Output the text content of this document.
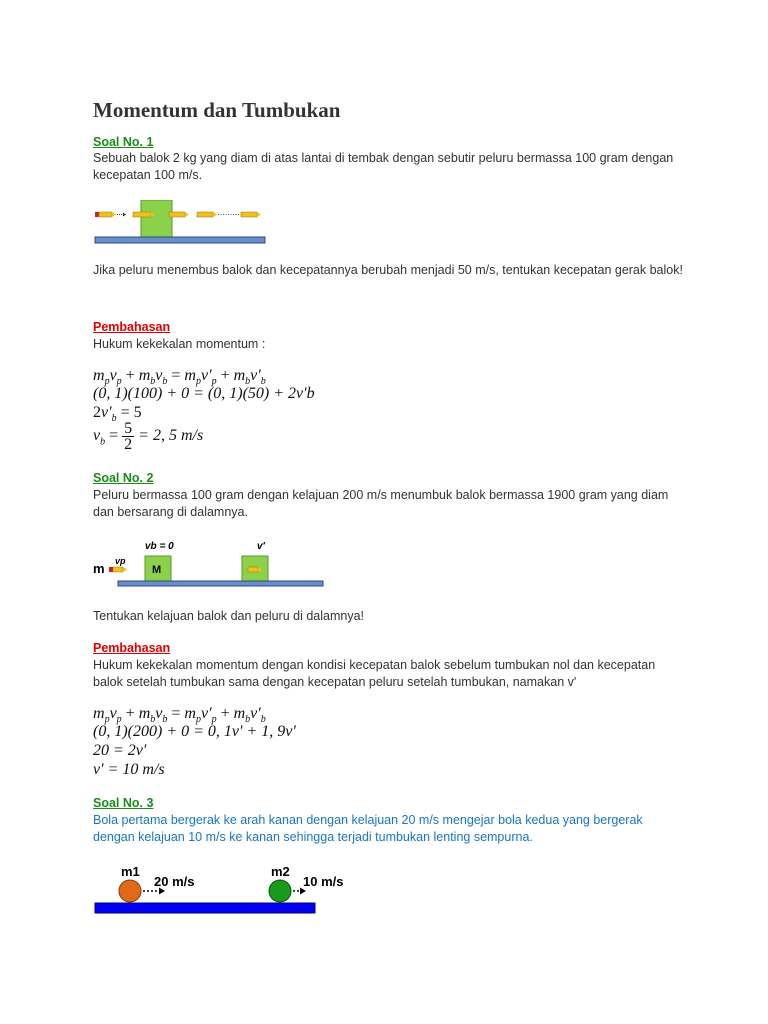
Momentum dan Tumbukan
Soal No. 1
Sebuah balok 2 kg yang diam di atas lantai di tembak dengan sebutir peluru bermassa 100 gram dengan kecepatan 100 m/s.
Jika peluru menembus balok dan kecepatannya berubah menjadi 50 m/s, tentukan kecepatan gerak balok!
Pembahasan
Hukum kekekalan momentum :
$m_pv_p + m_bv_b = m_pv'_p + m_bv'_b$
(0, 1)(100) + 0 = (0, 1)(50) + 2v′b
$2v'_b = 5$
$v_b = \frac{5}{2} = 2$, 5 m/s
Soal No. 2
Peluru bermassa 100 gram dengan kelajuan 200 m/s menumbuk balok bermassa 1900 gram yang diam dan bersarang di dalamnya.
m vp
vb = 0
M
v'
Tentukan kelajuan balok dan peluru di dalamnya!
Pembahasan
Hukum kekekalan momentum dengan kondisi kecepatan balok sebelum tumbukan nol dan kecepatan balok setelah tumbukan sama dengan kecepatan peluru setelah tumbukan, namakan v'
$m_pv_p + m_bv_b = m_pv'_p + m_bv'_b$
(0, 1)(200) + 0 = 0, 1v′ + 1, 9v′
20 = 2v′
v′ = 10 m/s
Soal No. 3
Bola pertama bergerak ke arah kanan dengan kelajuan 20 m/s mengejar bola kedua yang bergerak dengan kelajuan 10 m/s ke kanan sehingga terjadi tumbukan lenting sempurna.
m1
20 m/s
m2
10 m/s
